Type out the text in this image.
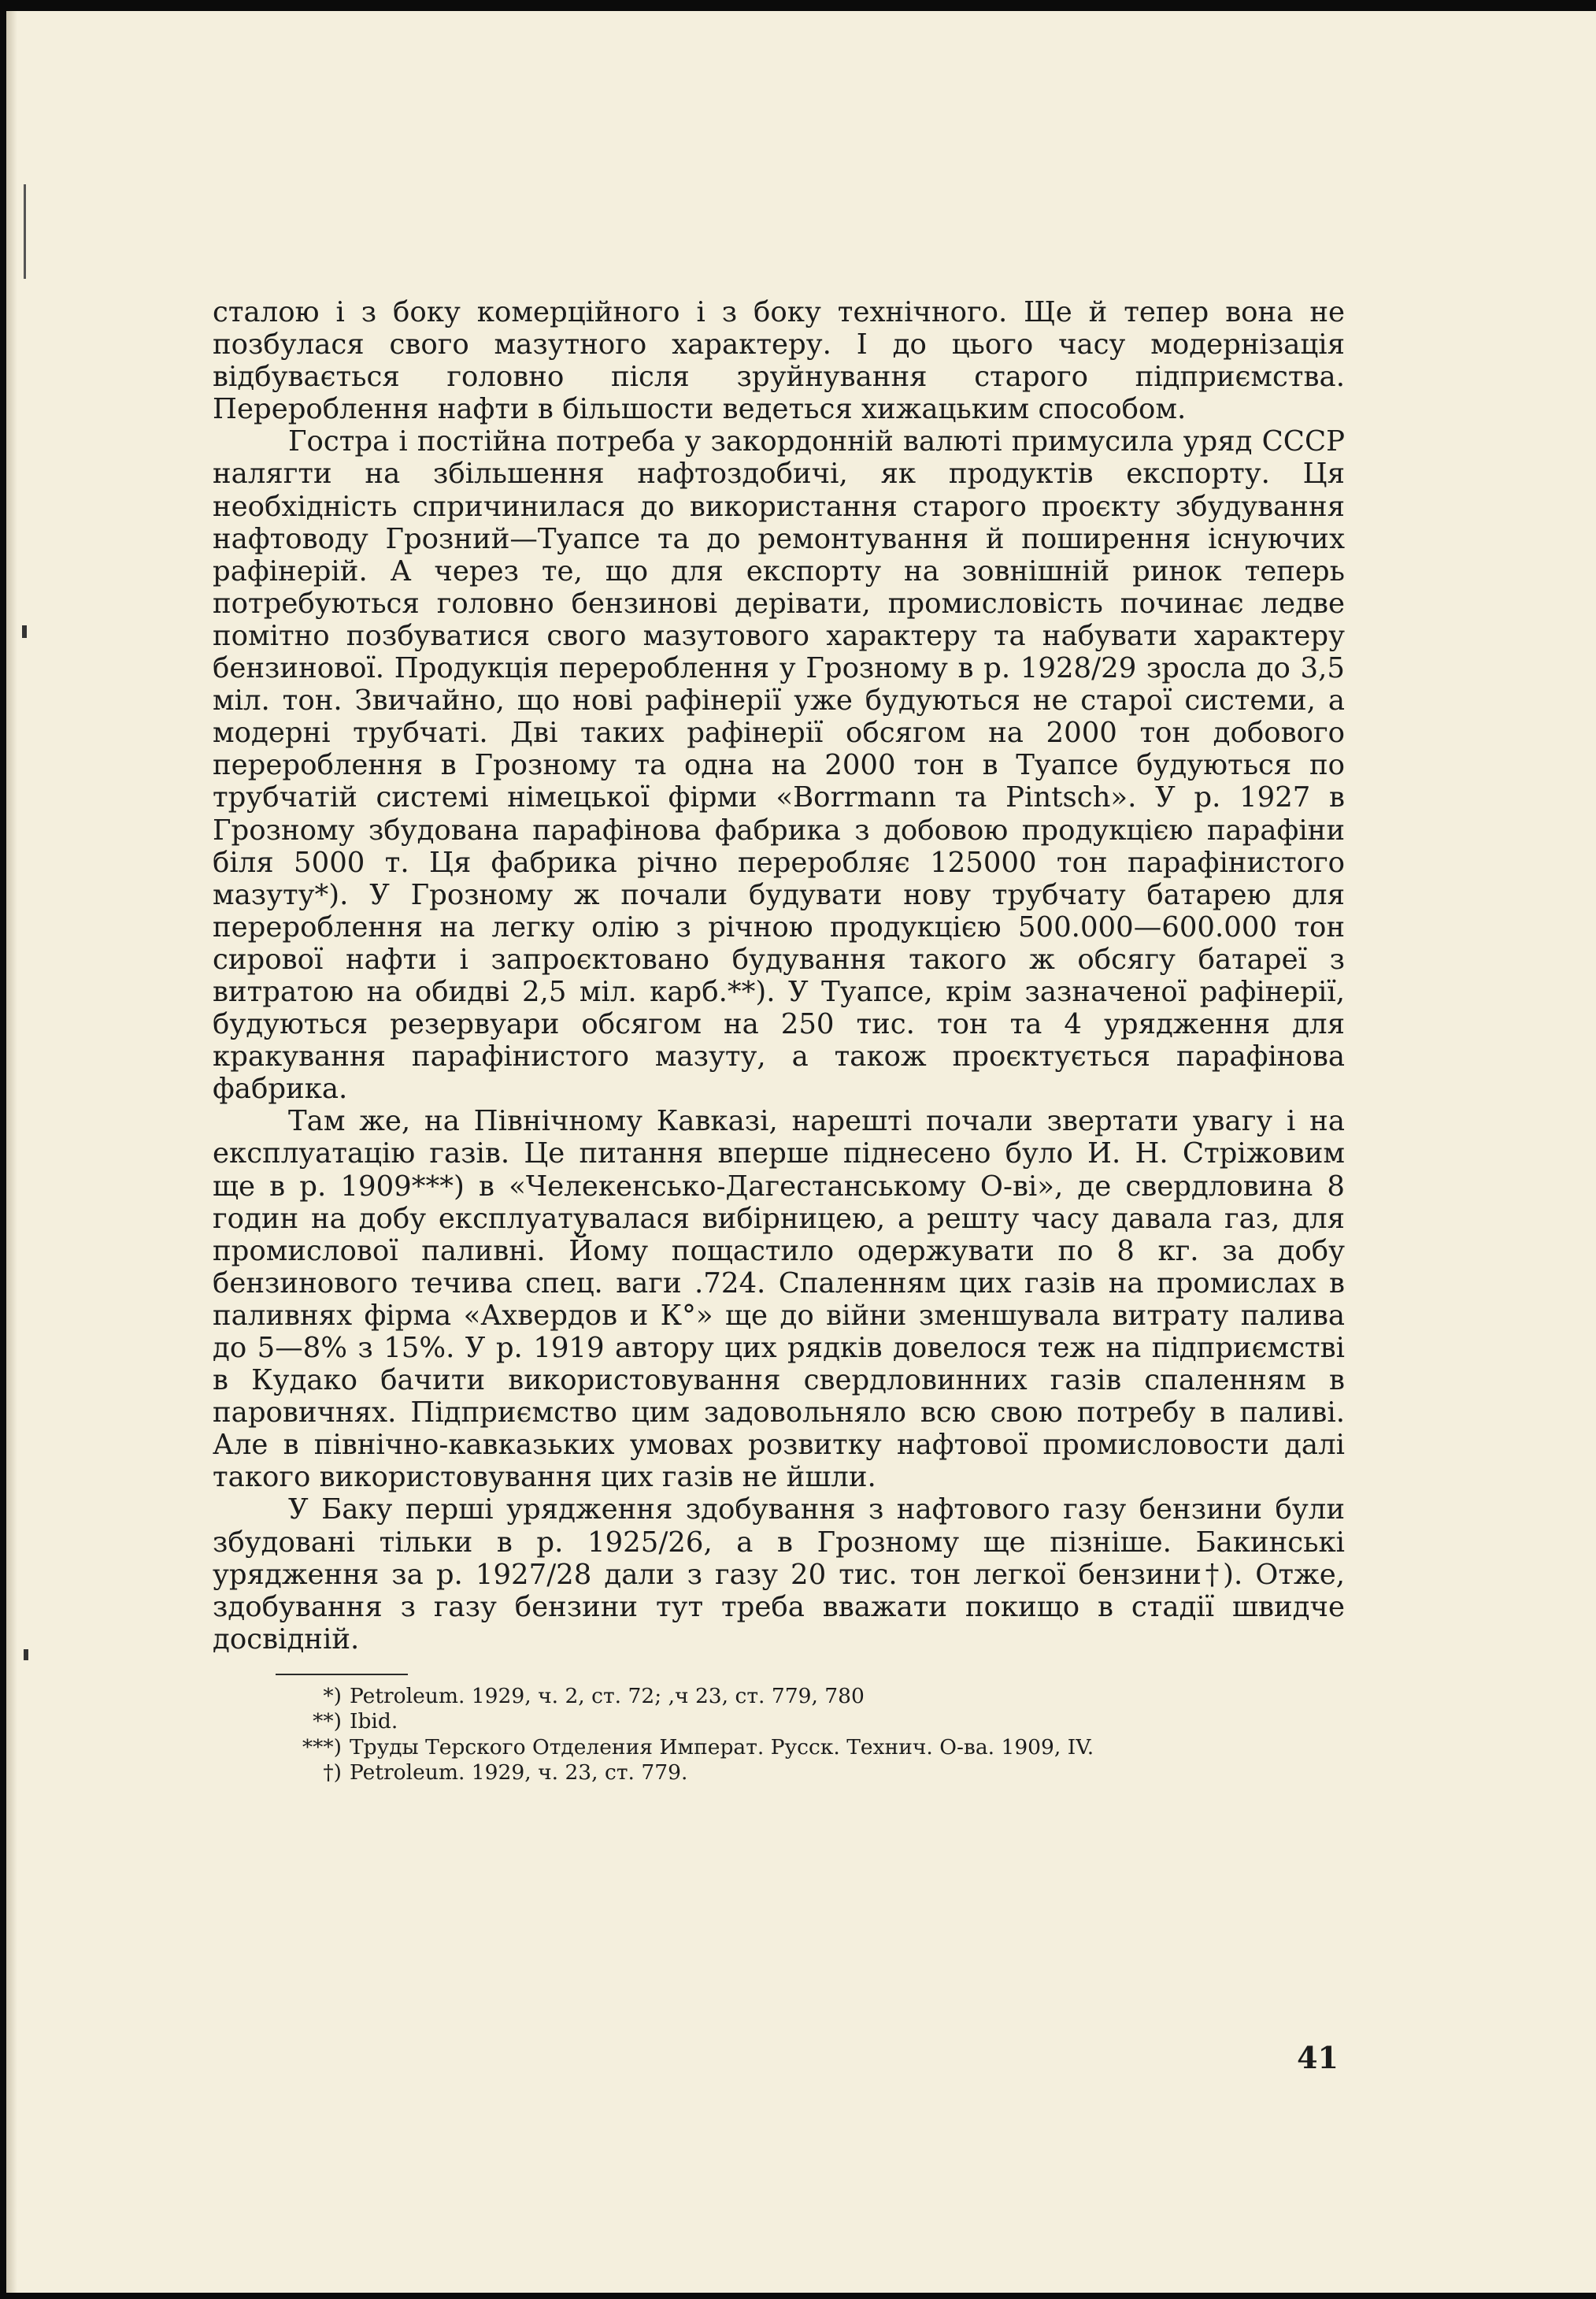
сталою і з боку комерційного і з боку технічного. Ще й тепер вона не позбулася свого мазутного характеру. І до цього часу модернізація відбувається головно після зруйнування старого підприємства. Перероблення нафти в більшости ведеться хижацьким способом.

Гостра і постійна потреба у закордонній валюті примусила уряд СССР налягти на збільшення нафтоздобичі, як продуктів експорту. Ця необхідність спричинилася до використання старого проєкту збудування нафтоводу Грозний—Туапсе та до ремонтування й поширення існуючих рафінерій. А через те, що для експорту на зовнішній ринок теперь потребуються головно бензинові дерівати, промисловість починає ледве помітно позбуватися свого мазутового характеру та набувати характеру бензинової. Продукція перероблення у Грозному в р. 1928/29 зросла до 3,5 міл. тон. Звичайно, що нові рафінерії уже будуються не старої системи, а модерні трубчаті. Дві таких рафінерії обсягом на 2000 тон добового перероблення в Грозному та одна на 2000 тон в Туапсе будуються по трубчатій системі німецької фірми «Borrmann та Pintsch». У р. 1927 в Грозному збудована парафінова фабрика з добовою продукцією парафіни біля 5000 т. Ця фабрика річно переробляє 125000 тон парафінистого мазуту*). У Грозному ж почали будувати нову трубчату батарею для перероблення на легку олію з річною продукцією 500.000—600.000 тон сирової нафти і запроєктовано будування такого ж обсягу батареї з витратою на обидві 2,5 міл. карб.**). У Туапсе, крім зазначеної рафінерії, будуються резервуари обсягом на 250 тис. тон та 4 урядження для кракування парафінистого мазуту, а також проєктується парафінова фабрика.

Там же, на Північному Кавказі, нарешті почали звертати увагу і на експлуатацію газів. Це питання вперше піднесено було И. Н. Стріжовим ще в р. 1909***) в «Челекенсько-Дагестанському О-ві», де свердловина 8 годин на добу експлуатувалася вибірницею, а решту часу давала газ, для промислової паливні. Йому пощастило одержувати по 8 кг. за добу бензинового течива спец. ваги .724. Спаленням цих газів на промислах в паливнях фірма «Ахвердов и К°» ще до війни зменшувала витрату палива до 5—8% з 15%. У р. 1919 автору цих рядків довелося теж на підприємстві в Кудако бачити використовування свердловинних газів спаленням в паровичнях. Підприємство цим задовольняло всю свою потребу в паливі. Але в північно-кавказьких умовах розвитку нафтової промисловости далі такого використовування цих газів не йшли.

У Баку перші урядження здобування з нафтового газу бензини були збудовані тільки в р. 1925/26, а в Грозному ще пізніше. Бакинські урядження за р. 1927/28 дали з газу 20 тис. тон легкої бензини†). Отже, здобування з газу бензини тут треба вважати покищо в стадії швидче досвідній.

*) Petroleum. 1929, ч. 2, ст. 72; ,ч 23, ст. 779, 780
**) Ibid.
***) Труды Терского Отделения Императ. Русск. Технич. О-ва. 1909, IV.
†) Petroleum. 1929, ч. 23, ст. 779.
41
